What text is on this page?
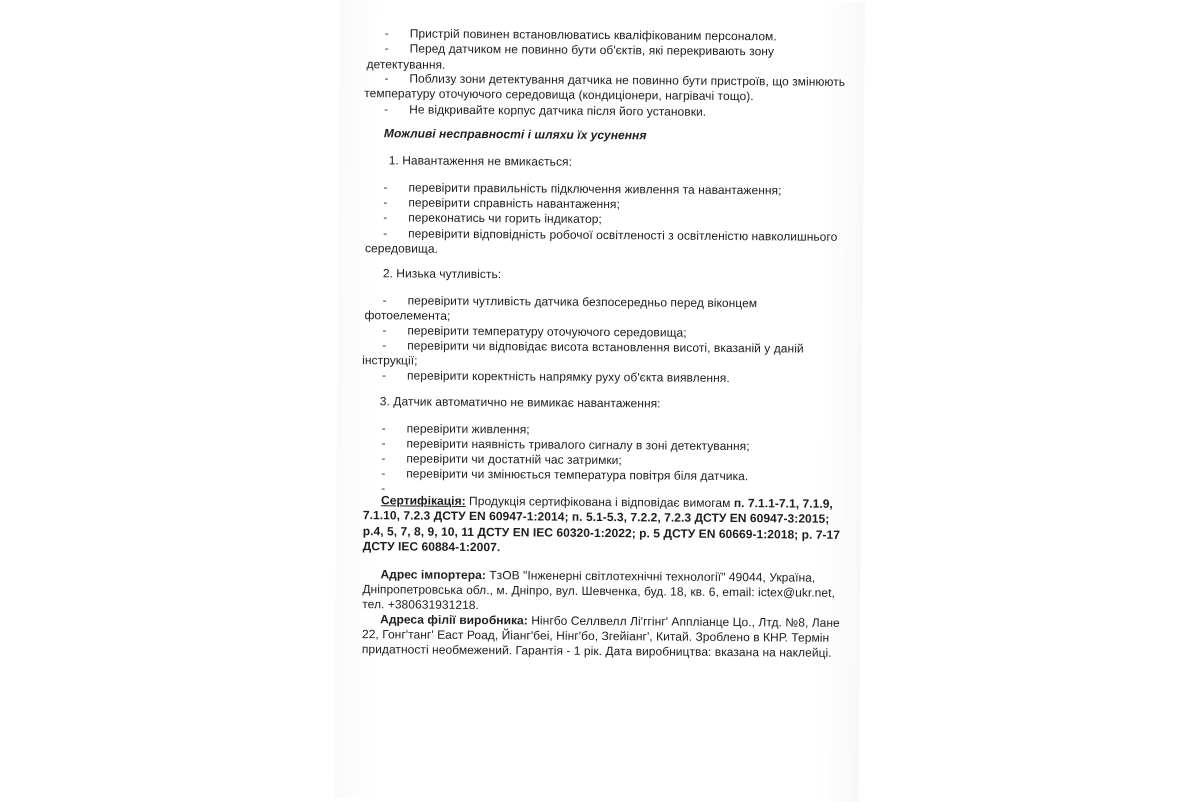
- Пристрій повинен встановлюватись кваліфікованим персоналом.
- Перед датчиком не повинно бути об'єктів, які перекривають зону
детектування.
- Поблизу зони детектування датчика не повинно бути пристроїв, що змінюють
температуру оточуючого середовища (кондиціонери, нагрівачі тощо).
- Не відкривайте корпус датчика після його установки.
Можливі несправності і шляхи їх усунення
1. Навантаження не вмикається:
- перевірити правильність підключення живлення та навантаження;
- перевірити справність навантаження;
- переконатись чи горить індикатор;
- перевірити відповідність робочої освітленості з освітленістю навколишнього
середовища.
2. Низька чутливість:
- перевірити чутливість датчика безпосередньо перед віконцем
фотоелемента;
- перевірити температуру оточуючого середовища;
- перевірити чи відповідає висота встановлення висоті, вказаній у даній
інструкції;
- перевірити коректність напрямку руху об'єкта виявлення.
3. Датчик автоматично не вимикає навантаження:
- перевірити живлення;
- перевірити наявність тривалого сигналу в зоні детектування;
- перевірити чи достатній час затримки;
- перевірити чи змінюється температура повітря біля датчика.
-
Сертифікація: Продукція сертифікована і відповідає вимогам п. 7.1.1-7.1, 7.1.9,
7.1.10, 7.2.3 ДСТУ EN 60947-1:2014; п. 5.1-5.3, 7.2.2, 7.2.3 ДСТУ EN 60947-3:2015;
р.4, 5, 7, 8, 9, 10, 11 ДСТУ EN IEC 60320-1:2022; р. 5 ДСТУ EN 60669-1:2018; р. 7-17
ДСТУ IEC 60884-1:2007.
Адрес імпортера: ТзОВ "Інженерні світлотехнічні технології" 49044, Україна,
Дніпропетровська обл., м. Дніпро, вул. Шевченка, буд. 18, кв. 6, email: ictex@ukr.net,
тел. +380631931218.
Адреса філії виробника: Нінгбо Селлвелл Лі'ггінг' Аппліанце Цо., Лтд. №8, Лане
22, Гонг'танг' Еаст Роад, Йіанг'беі, Нінг'бо, Згейіанг', Китай. Зроблено в КНР. Термін
придатності необмежений. Гарантія - 1 рік. Дата виробництва: вказана на наклейці.
